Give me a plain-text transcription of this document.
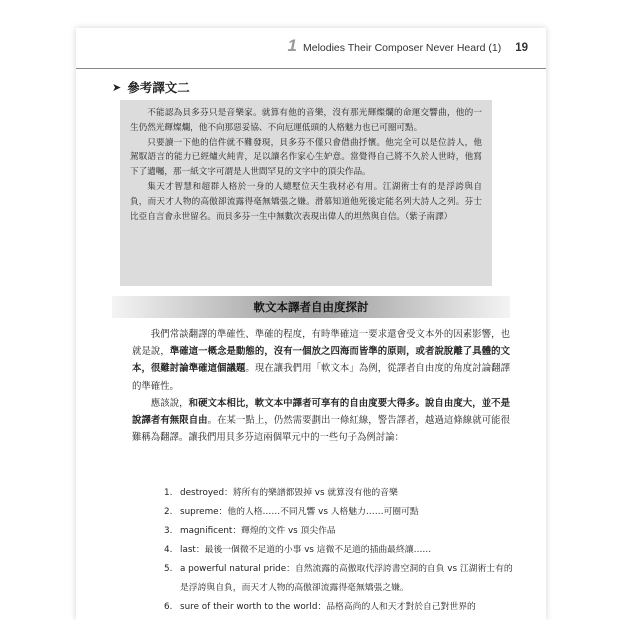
1 Melodies Their Composer Never Heard (1) 19
➤ 參考譯文二

不能認為貝多芬只是音樂家。就算有他的音樂，沒有那光輝燦爛的命運交響曲，他的一生仍然光輝燦爛，他不向那惡妥協、不向厄運低頭的人格魅力也已可圈可點。

只要讀一下他的信件就不難發現，貝多芬不僅只會借曲抒懷。他完全可以是位詩人，他駕馭語言的能力已經爐火純青，足以讓名作家心生妒意。當覺得自己將不久於人世時，他寫下了遺囑，那一紙文字可謂是人世間罕見的文字中的頂尖作品。

集天才智慧和超群人格於一身的人總墅位天生我材必有用。江湖術士有的是浮誇與自負，而天才人物的高傲卻流露得毫無矯張之嫌。滑慕知道他死後定能名列大詩人之列。芬士比亞自言會永世留名。而貝多芬一生中無數次表現出偉人的坦然與自信。（紫子南譯）

軟文本譯者自由度探討

我們常談翻譯的準確性、準確的程度，有時準確這一要求還會受文本外的因素影響，也就是說，準確這一概念是動態的，沒有一個放之四海而皆準的原則，或者說脫離了具體的文本，很難討論準確這個議題。現在讓我們用「軟文本」為例，從譯者自由度的角度討論翻譯的準確性。

應該說，和硬文本相比，軟文本中譯者可享有的自由度要大得多。說自由度大，並不是說譯者有無限自由。在某一點上，仍然需要劃出一條紅線，警告譯者，越過這條線就可能很難稱為翻譯。讓我們用貝多芬這兩個單元中的一些句子為例討論：

1. destroyed：將所有的樂譜都毀掉 vs 就算沒有他的音樂
2. supreme：他的人格……不同凡響 vs 人格魅力……可圈可點
3. magnificent：輝煌的文件 vs 頂尖作品
4. last：最後一個微不足道的小事 vs 這微不足道的插曲最終讓……
5. a powerful natural pride：自然流露的高傲取代浮誇書空洞的自負 vs 江湖術士有的是浮誇與自負，而天才人物的高傲卻流露得毫無矯張之嫌。
6. sure of their worth to the world：品格高尚的人和天才對於自己對世界的
